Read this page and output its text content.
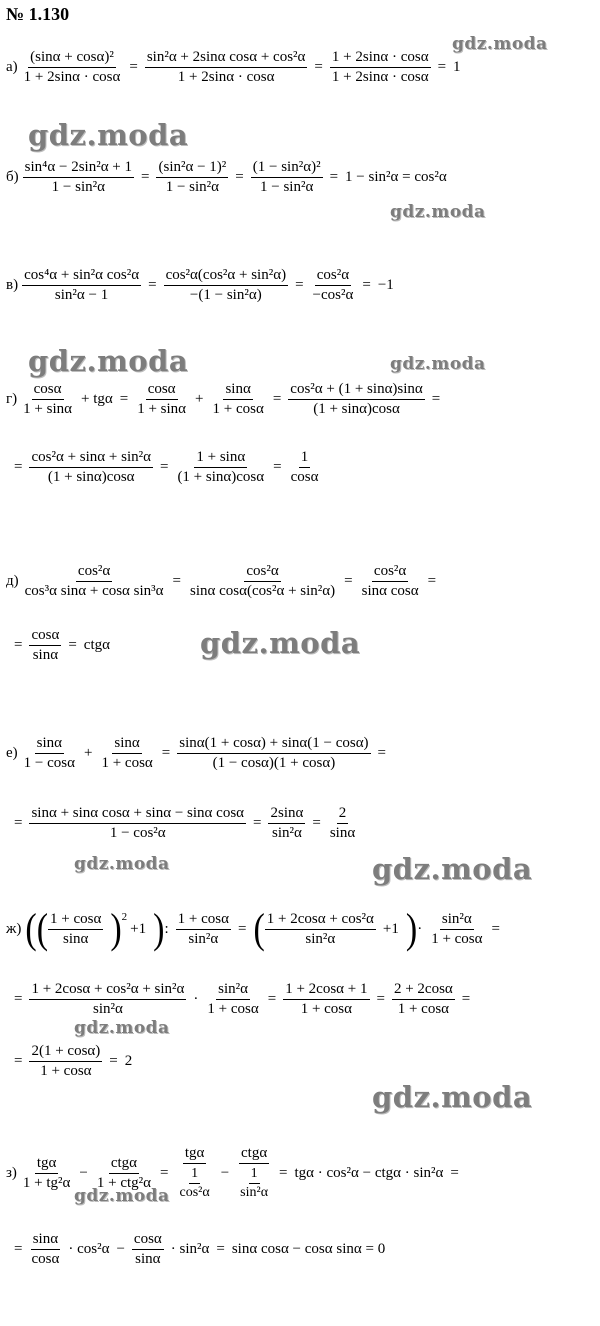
№ 1.130
gdz.moda
gdz.moda
gdz.moda
gdz.moda	gdz.moda
gdz.moda
gdz.moda	gdz.moda
gdz.moda
gdz.moda
gdz.moda
$а) \frac{\text{(sinα + cosα)²}}{1 + 2\sin\alpha \cdot \cos\alpha} = \frac{\text{sin²α + 2sinα cosα + cos²α}}{1 + 2\sin\alpha \cdot \cos\alpha} = \frac{1 + 2\sin\alpha \cdot \cos\alpha}{1 + 2\sin\alpha \cdot \cos\alpha} = 1$
$б) \frac{\text{sin⁴α − 2sin²α + 1}}{\text{1 − sin²α}} = \frac{\text{(sin²α − 1)²}}{\text{1 − sin²α}} = \frac{\text{(1 − sin²α)²}}{\text{1 − sin²α}} = 1 - \sin^2\alpha = \cos^2\alpha$
$в) \frac{\text{cos⁴α + sin²α cos²α}}{\text{sin²α − 1}} = \frac{\text{cos²α(cos²α + sin²α)}}{\text{−(1 − sin²α)}} = \frac{\text{cos²α}}{\text{−cos²α}} = -1$
$г) \frac{\cos\alpha}{1 + \sin\alpha} + tg\alpha = \frac{\cos\alpha}{1 + \sin\alpha} + \frac{\sin\alpha}{1 + \cos\alpha} = \frac{\text{cos²α + (1 + sinα)sinα}}{(1 + \sin\alpha)\cos\alpha}$ =
= $\frac{\text{cos²α + sinα + sin²α}}{(1 + \sin\alpha)\cos\alpha} = \frac{1 + \sin\alpha}{(1 + \sin\alpha)\cos\alpha} = \frac{1}{\cos\alpha}$
$д) \frac{\text{cos²α}}{\text{cos³α sinα + cosα sin³α}} = \frac{\text{cos²α}}{\text{sinα cosα(cos²α + sin²α)}} = \frac{\text{cos²α}}{\text{sinα cosα}}$ =
= $\frac{\cos\alpha}{\sin\alpha} = ctg\alpha$
$е) \frac{\sin\alpha}{1 - \cos\alpha} + \frac{\sin\alpha}{1 + \cos\alpha} = \frac{\sin\alpha(1 + \cos\alpha) + \sin\alpha(1 - \cos\alpha)}{(1 - \cos\alpha)(1 + \cos\alpha)}$ =
= $\frac{\text{sinα + sinα cosα + sinα − sinα cosα}}{\text{1 − cos²α}} = \frac{2\sin\alpha}{\text{sin²α}} = \frac{2}{\sin\alpha}$
ж) ( ( $\frac{1 + \cos\alpha}{\sin\alpha}$ ) 2
+1 ) : $\frac{1 + \cos\alpha}{\text{sin²α}}$ = ( $\frac{\text{1 + 2cosα + cos²α}}{\text{sin²α}} +1$ ) · $\frac{\text{sin²α}}{1 + \cos\alpha}$ =
= $\frac{\text{1 + 2cosα + cos²α + sin²α}}{\text{sin²α}} \cdot \frac{\text{sin²α}}{1 + \cos\alpha} = \frac{1 + 2\cos\alpha + 1}{1 + \cos\alpha} = \frac{2 + 2\cos\alpha}{1 + \cos\alpha}$ =
= $\frac{2(1 + \cos\alpha)}{1 + \cos\alpha} = 2$
$з) \frac{\text{tgα}}{\text{1 + tg²α}} - \frac{\text{ctgα}}{\text{1 + ctg²α}} = \frac{\text{tgα}}{\frac{1}{\text{cos²α}}} - \frac{\text{ctgα}}{\frac{1}{\text{sin²α}}} = tg\alpha \cdot \cos^2\alpha - ctg\alpha \cdot \sin^2\alpha$ =
= $\frac{\sin\alpha}{\cos\alpha} \cdot \cos^2\alpha - \frac{\cos\alpha}{\sin\alpha} \cdot \sin^2\alpha = \sin\alpha$ cosα − cosα sinα = 0
